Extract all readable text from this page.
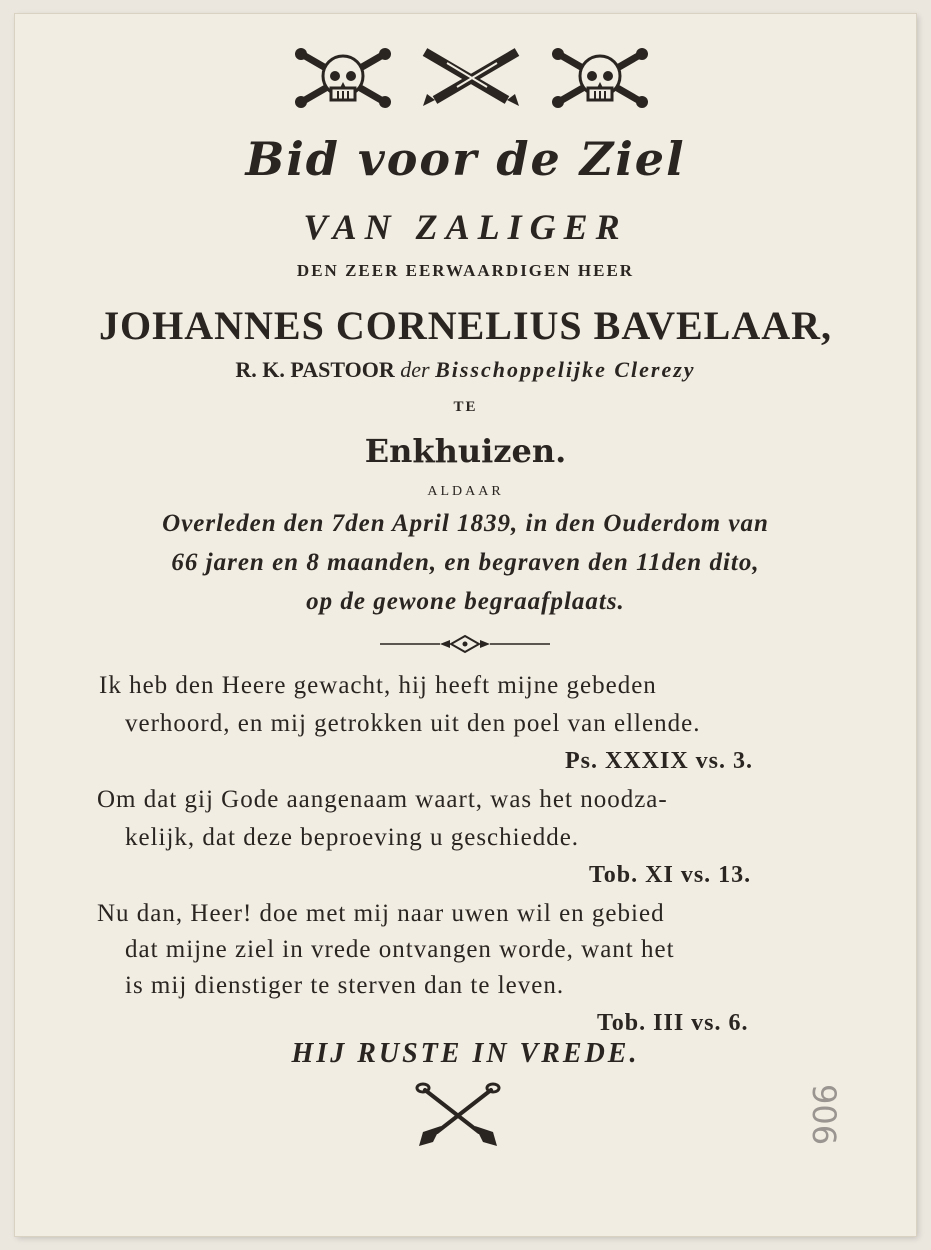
Bid voor de Ziel
VAN ZALIGER
DEN ZEER EERWAARDIGEN HEER
JOHANNES CORNELIUS BAVELAAR,
R. K. PASTOOR der Bisschoppelijke Clerezy
TE
Enkhuizen.
ALDAAR
Overleden den 7den April 1839, in den Ouderdom van
66 jaren en 8 maanden, en begraven den 11den dito,
op de gewone begraafplaats.
Ik heb den Heere gewacht, hij heeft mijne gebeden
verhoord, en mij getrokken uit den poel van ellende.
Ps. XXXIX vs. 3.
Om dat gij Gode aangenaam waart, was het noodza-
kelijk, dat deze beproeving u geschiedde.
Tob. XI vs. 13.
Nu dan, Heer! doe met mij naar uwen wil en gebied
dat mijne ziel in vrede ontvangen worde, want het
is mij dienstiger te sterven dan te leven.
Tob. III vs. 6.
HIJ RUSTE IN VREDE.
906
